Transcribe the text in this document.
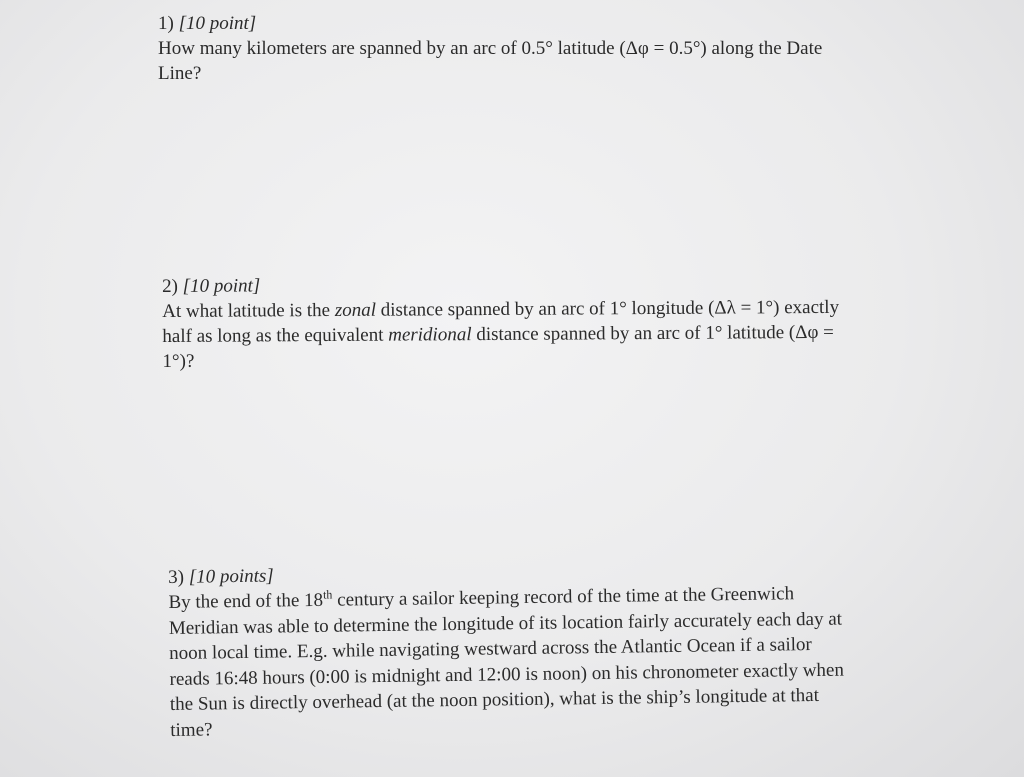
1) [10 point]
How many kilometers are spanned by an arc of 0.5° latitude (Δφ = 0.5°) along the Date
Line?
2) [10 point]
At what latitude is the zonal distance spanned by an arc of 1° longitude (Δλ = 1°) exactly
half as long as the equivalent meridional distance spanned by an arc of 1° latitude (Δφ =
1°)?
3) [10 points]
By the end of the 18th century a sailor keeping record of the time at the Greenwich
Meridian was able to determine the longitude of its location fairly accurately each day at
noon local time. E.g. while navigating westward across the Atlantic Ocean if a sailor
reads 16:48 hours (0:00 is midnight and 12:00 is noon) on his chronometer exactly when
the Sun is directly overhead (at the noon position), what is the ship’s longitude at that
time?
